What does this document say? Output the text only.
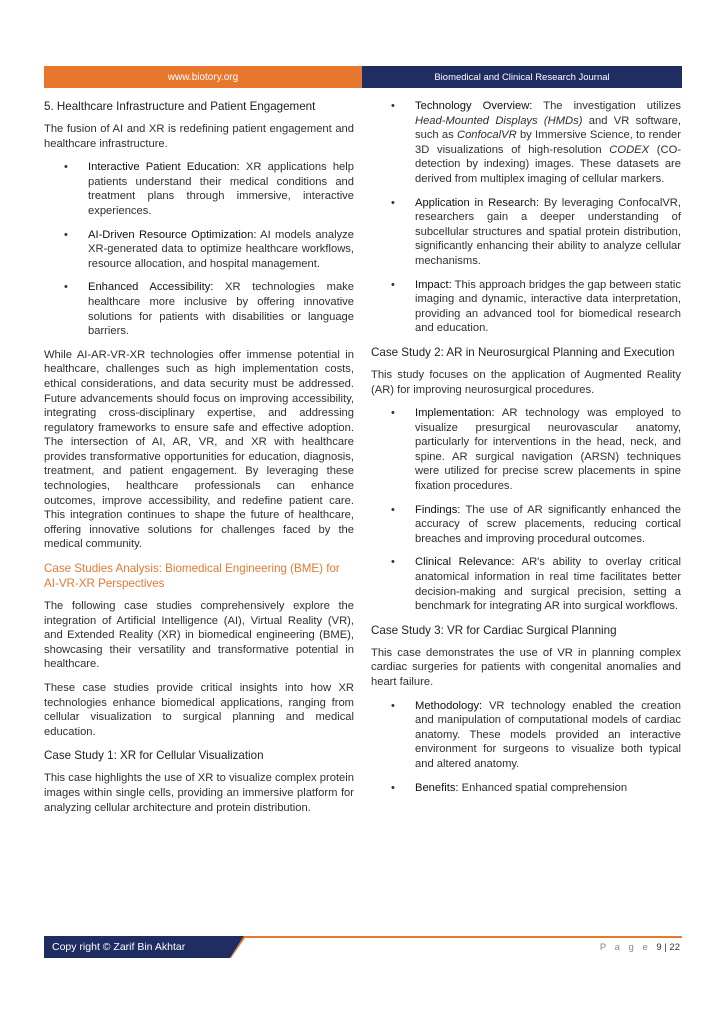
www.biotory.org	Biomedical and Clinical Research Journal
5. Healthcare Infrastructure and Patient Engagement

The fusion of AI and XR is redefining patient engagement and healthcare infrastructure.

• Interactive Patient Education: XR applications help patients understand their medical conditions and treatment plans through immersive, interactive experiences.
• AI-Driven Resource Optimization: AI models analyze XR-generated data to optimize healthcare workflows, resource allocation, and hospital management.
• Enhanced Accessibility: XR technologies make healthcare more inclusive by offering innovative solutions for patients with disabilities or language barriers.

While AI-AR-VR-XR technologies offer immense potential in healthcare, challenges such as high implementation costs, ethical considerations, and data security must be addressed. Future advancements should focus on improving accessibility, integrating cross-disciplinary expertise, and addressing regulatory frameworks to ensure safe and effective adoption. The intersection of AI, AR, VR, and XR with healthcare provides transformative opportunities for education, diagnosis, treatment, and patient engagement. By leveraging these technologies, healthcare professionals can enhance outcomes, improve accessibility, and redefine patient care. This integration continues to shape the future of healthcare, offering innovative solutions for challenges faced by the medical community.

Case Studies Analysis: Biomedical Engineering (BME) for AI-VR-XR Perspectives

The following case studies comprehensively explore the integration of Artificial Intelligence (AI), Virtual Reality (VR), and Extended Reality (XR) in biomedical engineering (BME), showcasing their versatility and transformative potential in healthcare.

These case studies provide critical insights into how XR technologies enhance biomedical applications, ranging from cellular visualization to surgical planning and medical education.

Case Study 1: XR for Cellular Visualization

This case highlights the use of XR to visualize complex protein images within single cells, providing an immersive platform for analyzing cellular architecture and protein distribution.

• Technology Overview: The investigation utilizes Head-Mounted Displays (HMDs) and VR software, such as ConfocalVR by Immersive Science, to render 3D visualizations of high-resolution CODEX (CO-detection by indexing) images. These datasets are derived from multiplex imaging of cellular markers.
• Application in Research: By leveraging ConfocalVR, researchers gain a deeper understanding of subcellular structures and spatial protein distribution, significantly enhancing their ability to analyze cellular mechanisms.
• Impact: This approach bridges the gap between static imaging and dynamic, interactive data interpretation, providing an advanced tool for biomedical research and education.
Case Study 2: AR in Neurosurgical Planning and Execution

This study focuses on the application of Augmented Reality (AR) for improving neurosurgical procedures.

• Implementation: AR technology was employed to visualize presurgical neurovascular anatomy, particularly for interventions in the head, neck, and spine. AR surgical navigation (ARSN) techniques were utilized for precise screw placements in spine fixation procedures.
• Findings: The use of AR significantly enhanced the accuracy of screw placements, reducing cortical breaches and improving procedural outcomes.
• Clinical Relevance: AR's ability to overlay critical anatomical information in real time facilitates better decision-making and surgical precision, setting a benchmark for integrating AR into surgical workflows.
Case Study 3: VR for Cardiac Surgical Planning

This case demonstrates the use of VR in planning complex cardiac surgeries for patients with congenital anomalies and heart failure.

• Methodology: VR technology enabled the creation and manipulation of computational models of cardiac anatomy. These models provided an interactive environment for surgeons to visualize both typical and altered anatomy.
• Benefits: Enhanced spatial comprehension
Copy right © Zarif Bin Akhtar	P a g e 9 | 22
